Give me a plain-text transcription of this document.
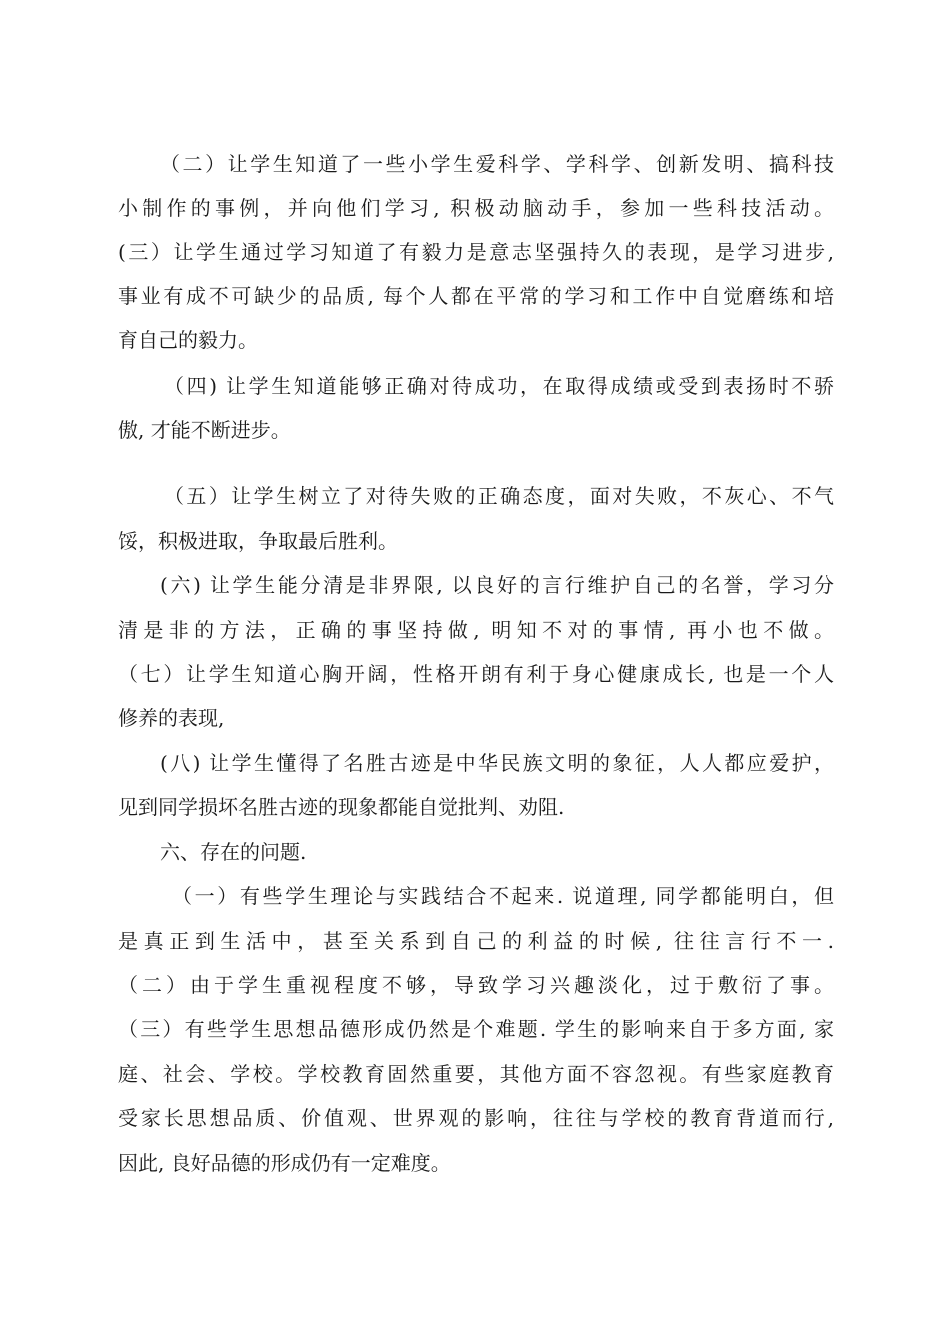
（二）让学生知道了一些小学生爱科学、学科学、创新发明、搞科技
小制作的事例，并向他们学习, 积极动脑动手，参加一些科技活动。
(三）让学生通过学习知道了有毅力是意志坚强持久的表现，是学习进步,
事业有成不可缺少的品质, 每个人都在平常的学习和工作中自觉磨练和培
育自己的毅力。
（四) 让学生知道能够正确对待成功，在取得成绩或受到表扬时不骄
傲, 才能不断进步。
（五）让学生树立了对待失败的正确态度，面对失败，不灰心、不气
馁，积极进取，争取最后胜利。
(六) 让学生能分清是非界限, 以良好的言行维护自己的名誉，学习分
清是非的方法，正确的事坚持做, 明知不对的事情, 再小也不做。
（七）让学生知道心胸开阔，性格开朗有利于身心健康成长, 也是一个人
修养的表现,
(八) 让学生懂得了名胜古迹是中华民族文明的象征，人人都应爱护，
见到同学损坏名胜古迹的现象都能自觉批判、劝阻.
六、存在的问题.
（一）有些学生理论与实践结合不起来. 说道理, 同学都能明白，但
是真正到生活中，甚至关系到自己的利益的时候, 往往言行不一.
（二）由于学生重视程度不够，导致学习兴趣淡化，过于敷衍了事。
（三）有些学生思想品德形成仍然是个难题. 学生的影响来自于多方面, 家
庭、社会、学校。学校教育固然重要，其他方面不容忽视。有些家庭教育
受家长思想品质、价值观、世界观的影响，往往与学校的教育背道而行,
因此, 良好品德的形成仍有一定难度。
